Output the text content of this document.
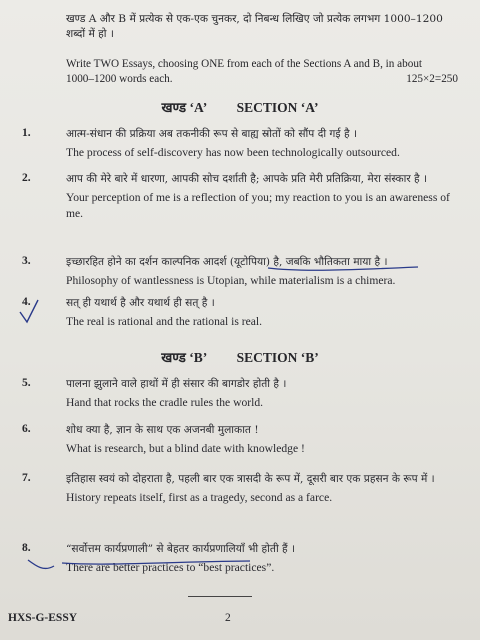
खण्ड A और B में प्रत्येक से एक-एक चुनकर, दो निबन्ध लिखिए जो प्रत्येक लगभग 1000–1200 शब्दों में हो ।
Write TWO Essays, choosing ONE from each of the Sections A and B, in about
1000–1200 words each.	125×2=250
खण्ड ‘A’ SECTION ‘A’
1.	आत्म-संधान की प्रक्रिया अब तकनीकी रूप से बाह्य स्रोतों को सौंप दी गई है ।
The process of self-discovery has now been technologically outsourced.
2.	आप की मेरे बारे में धारणा, आपकी सोच दर्शाती है; आपके प्रति मेरी प्रतिक्रिया, मेरा संस्कार है ।
Your perception of me is a reflection of you; my reaction to you is an awareness of me.
3.	इच्छारहित होने का दर्शन काल्पनिक आदर्श (यूटोपिया) है, जबकि भौतिकता माया है ।
Philosophy of wantlessness is Utopian, while materialism is a chimera.
4.	सत् ही यथार्थ है और यथार्थ ही सत् है ।
The real is rational and the rational is real.
खण्ड ‘B’ SECTION ‘B’
5.	पालना झुलाने वाले हाथों में ही संसार की बागडोर होती है ।
Hand that rocks the cradle rules the world.
6.	शोध क्या है, ज्ञान के साथ एक अजनबी मुलाकात !
What is research, but a blind date with knowledge !
7.	इतिहास स्वयं को दोहराता है, पहली बार एक त्रासदी के रूप में, दूसरी बार एक प्रहसन के रूप में ।
History repeats itself, first as a tragedy, second as a farce.
8.	“सर्वोत्तम कार्यप्रणाली” से बेहतर कार्यप्रणालियाँ भी होती हैं ।
There are better practices to “best practices”.
HXS-G-ESSY	2
